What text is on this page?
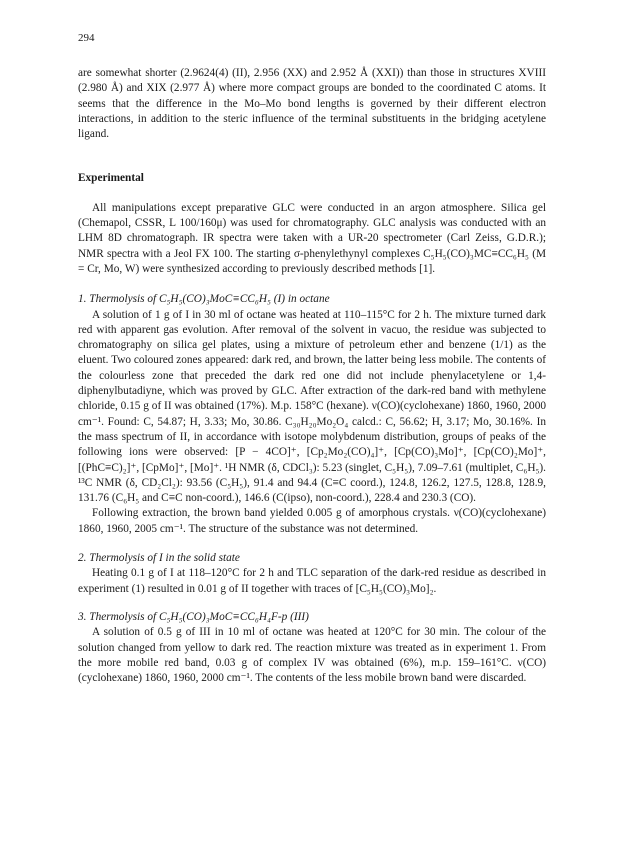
294

are somewhat shorter (2.9624(4) (II), 2.956 (XX) and 2.952 Å (XXI)) than those in structures XVIII (2.980 Å) and XIX (2.977 Å) where more compact groups are bonded to the coordinated C atoms. It seems that the difference in the Mo–Mo bond lengths is governed by their different electron interactions, in addition to the steric influence of the terminal substituents in the bridging acetylene ligand.

Experimental

All manipulations except preparative GLC were conducted in an argon atmosphere. Silica gel (Chemapol, CSSR, L 100/160μ) was used for chromatography. GLC analysis was conducted with an LHM 8D chromatograph. IR spectra were taken with a UR-20 spectrometer (Carl Zeiss, G.D.R.); NMR spectra with a Jeol FX 100. The starting σ-phenylethynyl complexes C₅H₅(CO)₃MC≡CC₆H₅ (M = Cr, Mo, W) were synthesized according to previously described methods [1].

1. Thermolysis of C₅H₅(CO)₃MoC≡CC₆H₅ (I) in octane

A solution of 1 g of I in 30 ml of octane was heated at 110–115°C for 2 h. The mixture turned dark red with apparent gas evolution. After removal of the solvent in vacuo, the residue was subjected to chromatography on silica gel plates, using a mixture of petroleum ether and benzene (1/1) as the eluent. Two coloured zones appeared: dark red, and brown, the latter being less mobile. The contents of the colourless zone that preceded the dark red one did not include phenylacetylene or 1,4-diphenylbutadiyne, which was proved by GLC. After extraction of the dark-red band with methylene chloride, 0.15 g of II was obtained (17%). M.p. 158°C (hexane). ν(CO)(cyclohexane) 1860, 1960, 2000 cm⁻¹. Found: C, 54.87; H, 3.33; Mo, 30.86. C₃₀H₂₀Mo₂O₄ calcd.: C, 56.62; H, 3.17; Mo, 30.16%. In the mass spectrum of II, in accordance with isotope molybdenum distribution, groups of peaks of the following ions were observed: [P − 4CO]⁺, [Cp₂Mo₂(CO)₄]⁺, [Cp(CO)₃Mo]⁺, [Cp(CO)₂Mo]⁺, [(PhC≡C)₂]⁺, [CpMo]⁺, [Mo]⁺. ¹H NMR (δ, CDCl₃): 5.23 (singlet, C₅H₅), 7.09–7.61 (multiplet, C₆H₅). ¹³C NMR (δ, CD₂Cl₂): 93.56 (C₅H₅), 91.4 and 94.4 (C≡C coord.), 124.8, 126.2, 127.5, 128.8, 128.9, 131.76 (C₆H₅ and C≡C non-coord.), 146.6 (C(ipso), non-coord.), 228.4 and 230.3 (CO).

Following extraction, the brown band yielded 0.005 g of amorphous crystals. ν(CO)(cyclohexane) 1860, 1960, 2005 cm⁻¹. The structure of the substance was not determined.

2. Thermolysis of I in the solid state

Heating 0.1 g of I at 118–120°C for 2 h and TLC separation of the dark-red residue as described in experiment (1) resulted in 0.01 g of II together with traces of [C₅H₅(CO)₃Mo]₂.

3. Thermolysis of C₅H₅(CO)₃MoC≡CC₆H₄F-p (III)

A solution of 0.5 g of III in 10 ml of octane was heated at 120°C for 30 min. The colour of the solution changed from yellow to dark red. The reaction mixture was treated as in experiment 1. From the more mobile red band, 0.03 g of complex IV was obtained (6%), m.p. 159–161°C. ν(CO)(cyclohexane) 1860, 1960, 2000 cm⁻¹. The contents of the less mobile brown band were discarded.
